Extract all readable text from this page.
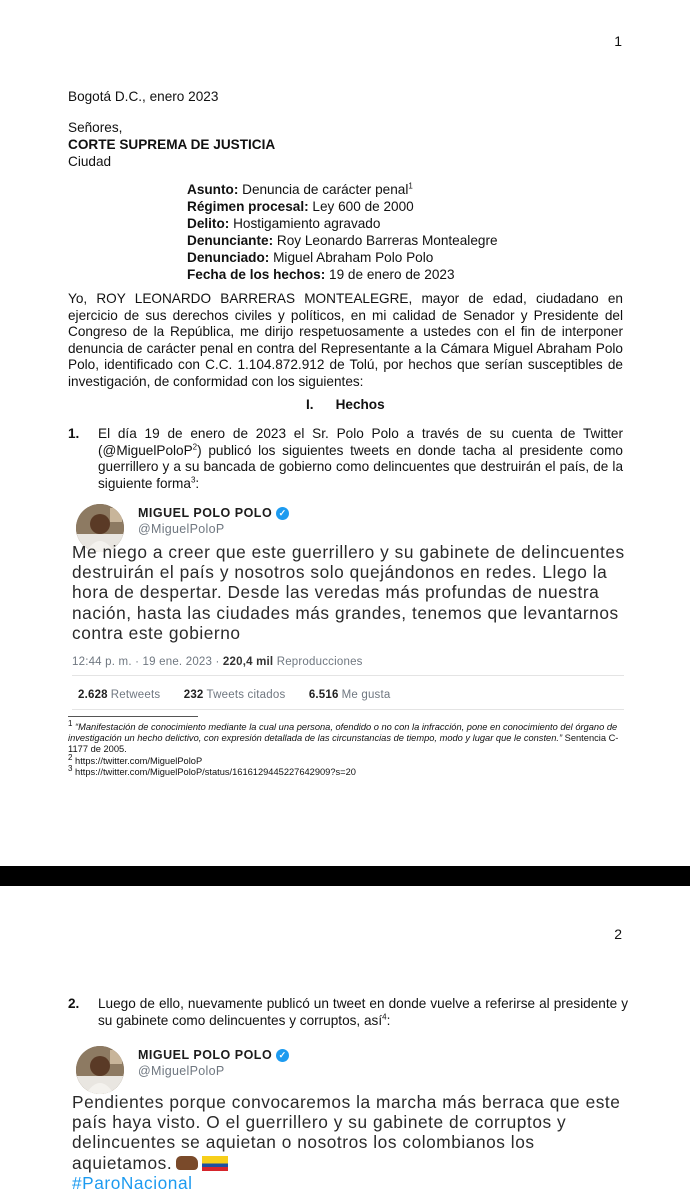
1
Bogotá D.C., enero 2023
Señores,
CORTE SUPREMA DE JUSTICIA
Ciudad
Asunto: Denuncia de carácter penal$^1$
Régimen procesal: Ley 600 de 2000
Delito: Hostigamiento agravado
Denunciante: Roy Leonardo Barreras Montealegre
Denunciado: Miguel Abraham Polo Polo
Fecha de los hechos: 19 de enero de 2023
Yo, ROY LEONARDO BARRERAS MONTEALEGRE, mayor de edad, ciudadano en ejercicio de sus derechos civiles y políticos, en mi calidad de Senador y Presidente del Congreso de la República, me dirijo respetuosamente a ustedes con el fin de interponer denuncia de carácter penal en contra del Representante a la Cámara Miguel Abraham Polo Polo, identificado con C.C. 1.104.872.912 de Tolú, por hechos que serían susceptibles de investigación, de conformidad con los siguientes:
I. Hechos
1. El día 19 de enero de 2023 el Sr. Polo Polo a través de su cuenta de Twitter (@MiguelPoloP$^2$) publicó los siguientes tweets en donde tacha al presidente como guerrillero y a su bancada de gobierno como delincuentes que destruirán el país, de la siguiente forma$^3$:
MIGUEL POLO POLO ✓
@MiguelPoloP
Me niego a creer que este guerrillero y su gabinete de delincuentes destruirán el país y nosotros solo quejándonos en redes. Llego la hora de despertar. Desde las veredas más profundas de nuestra nación, hasta las ciudades más grandes, tenemos que levantarnos contra este gobierno
12:44 p. m. · 19 ene. 2023 · 220,4 mil Reproducciones
2.628 Retweets 232 Tweets citados 6.516 Me gusta
$^1$ “Manifestación de conocimiento mediante la cual una persona, ofendido o no con la infracción, pone en conocimiento del órgano de investigación un hecho delictivo, con expresión detallada de las circunstancias de tiempo, modo y lugar que le consten.” Sentencia C-1177 de 2005.
$^2$ https://twitter.com/MiguelPoloP
$^3$ https://twitter.com/MiguelPoloP/status/1616129445227642909?s=20
2
2. Luego de ello, nuevamente publicó un tweet en donde vuelve a referirse al presidente y su gabinete como delincuentes y corruptos, así$^4$:
MIGUEL POLO POLO ✓
@MiguelPoloP
Pendientes porque convocaremos la marcha más berraca que este país haya visto. O el guerrillero y su gabinete de corruptos y delincuentes se aquietan o nosotros los colombianos los aquietamos.
#ParoNacional
